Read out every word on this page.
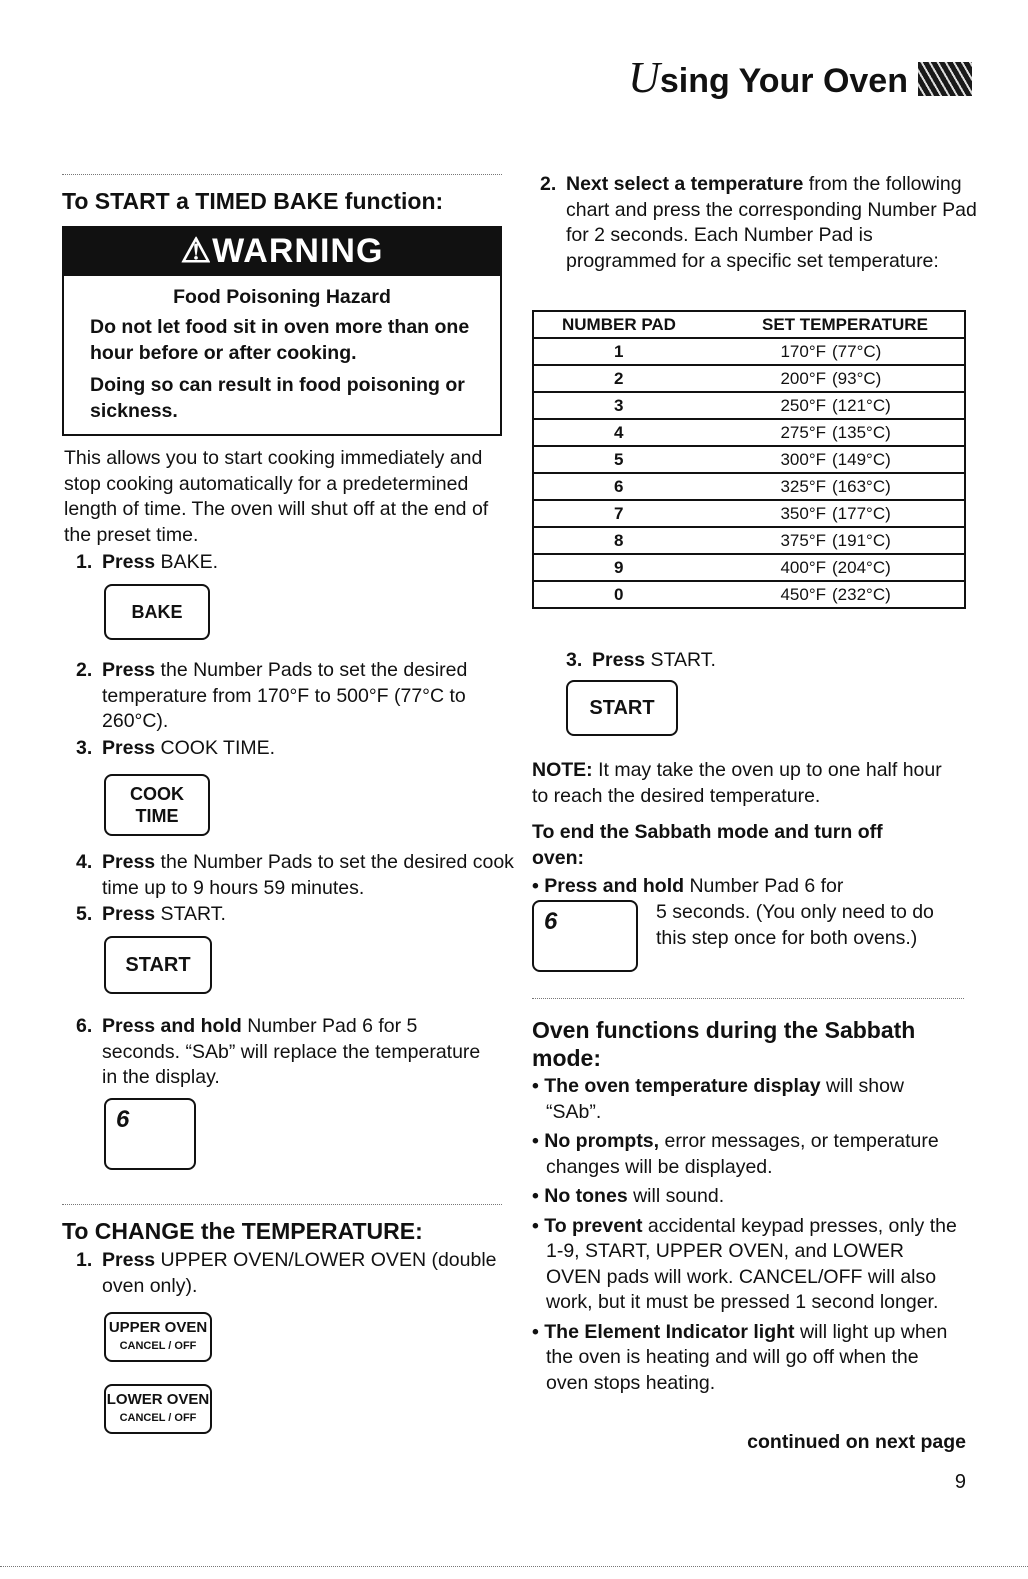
Using Your Oven
To START a TIMED BAKE function:
⚠WARNING
Food Poisoning Hazard
Do not let food sit in oven more than one hour before or after cooking.
Doing so can result in food poisoning or sickness.
This allows you to start cooking immediately and stop cooking automatically for a predetermined length of time. The oven will shut off at the end of the preset time.
1. Press BAKE.
BAKE
2. Press the Number Pads to set the desired temperature from 170°F to 500°F (77°C to 260°C).
3. Press COOK TIME.
COOK
TIME
4. Press the Number Pads to set the desired cook time up to 9 hours 59 minutes.
5. Press START.
START
6. Press and hold Number Pad 6 for 5 seconds. “SAb” will replace the temperature in the display.
6
To CHANGE the TEMPERATURE:
1. Press UPPER OVEN/LOWER OVEN (double oven only).
UPPER OVEN
CANCEL / OFF
LOWER OVEN
CANCEL / OFF
2. Next select a temperature from the following chart and press the corresponding Number Pad for 2 seconds. Each Number Pad is programmed for a specific set temperature:
NUMBER PAD	SET TEMPERATURE	
1	170°F	(77°C)
2	200°F	(93°C)
3	250°F	(121°C)
4	275°F	(135°C)
5	300°F	(149°C)
6	325°F	(163°C)
7	350°F	(177°C)
8	375°F	(191°C)
9	400°F	(204°C)
0	450°F	(232°C)
3. Press START.
START
NOTE: It may take the oven up to one half hour to reach the desired temperature.
To end the Sabbath mode and turn off oven:
• Press and hold Number Pad 6 for
6	5 seconds. (You only need to do this step once for both ovens.)
Oven functions during the Sabbath mode:
• The oven temperature display will show “SAb”.
• No prompts, error messages, or temperature changes will be displayed.
• No tones will sound.
• To prevent accidental keypad presses, only the 1-9, START, UPPER OVEN, and LOWER OVEN pads will work. CANCEL/OFF will also work, but it must be pressed 1 second longer.
• The Element Indicator light will light up when the oven is heating and will go off when the oven stops heating.
continued on next page
9
